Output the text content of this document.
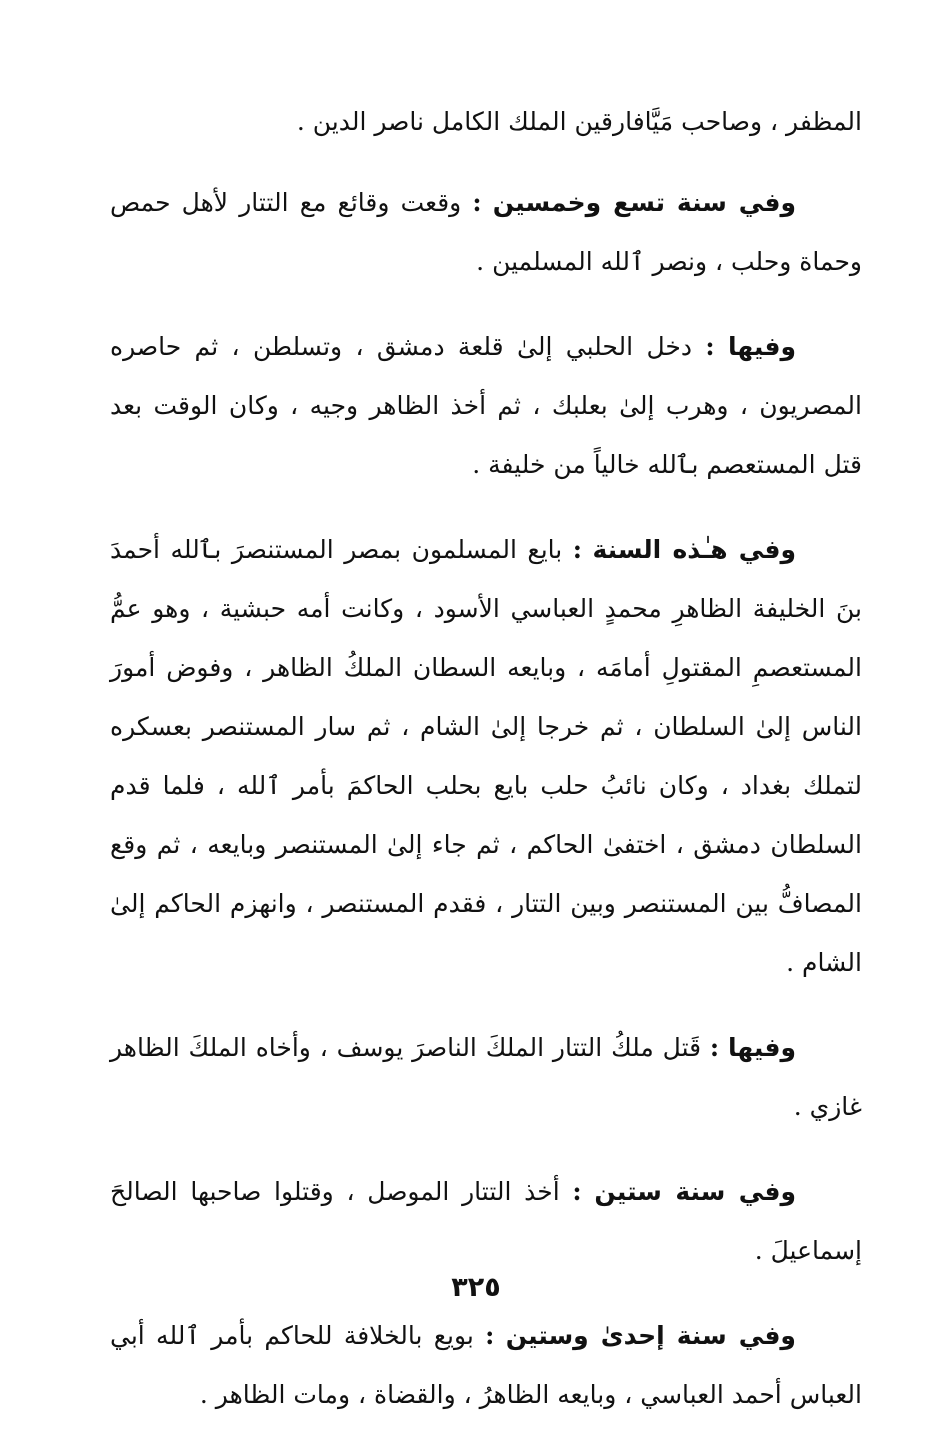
المظفر ، وصاحب مَيَّافارقين الملك الكامل ناصر الدين .

وفي سنة تسع وخمسين : وقعت وقائع مع التتار لأهل حمص وحماة وحلب ، ونصر ٱلله المسلمين .

وفيها : دخل الحلبي إلىٰ قلعة دمشق ، وتسلطن ، ثم حاصره المصريون ، وهرب إلىٰ بعلبك ، ثم أخذ الظاهر وجيه ، وكان الوقت بعد قتل المستعصم بٱلله خالياً من خليفة .

وفي هـٰذه السنة : بايع المسلمون بمصر المستنصرَ بٱلله أحمدَ بنَ الخليفة الظاهرِ محمدٍ العباسي الأسود ، وكانت أمه حبشية ، وهو عمُّ المستعصمِ المقتولِ أمامَه ، وبايعه السطان الملكُ الظاهر ، وفوض أمورَ الناس إلىٰ السلطان ، ثم خرجا إلىٰ الشام ، ثم سار المستنصر بعسكره لتملك بغداد ، وكان نائبُ حلب بايع بحلب الحاكمَ بأمر ٱلله ، فلما قدم السلطان دمشق ، اختفىٰ الحاكم ، ثم جاء إلىٰ المستنصر وبايعه ، ثم وقع المصافُّ بين المستنصر وبين التتار ، فقدم المستنصر ، وانهزم الحاكم إلىٰ الشام .

وفيها : قَتل ملكُ التتار الملكَ الناصرَ يوسف ، وأخاه الملكَ الظاهر غازي .

وفي سنة ستين : أخذ التتار الموصل ، وقتلوا صاحبها الصالحَ إسماعيلَ .

وفي سنة إحدىٰ وستين : بويع بالخلافة للحاكم بأمر ٱلله أبي العباس أحمد العباسي ، وبايعه الظاهرُ ، والقضاة ، ومات الظاهر .

٣٢٥
